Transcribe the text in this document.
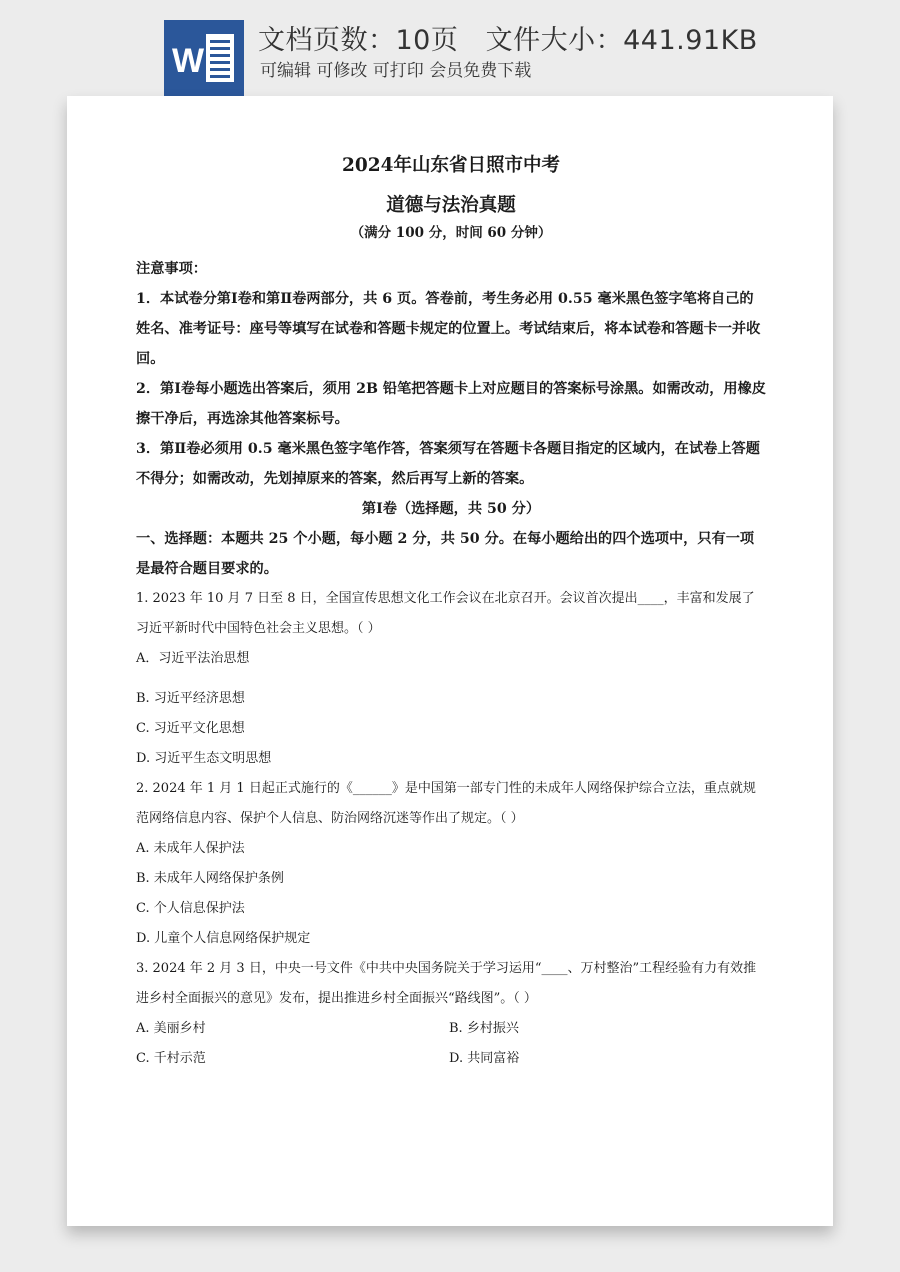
W
文档页数：10页   文件大小：441.91KB
可编辑 可修改 可打印 会员免费下载
2024年山东省日照市中考
道德与法治真题
（满分 100 分，时间 60 分钟）
注意事项：
1．本试卷分第Ⅰ卷和第Ⅱ卷两部分，共 6 页。答卷前，考生务必用 0.55 毫米黑色签字笔将自己的姓名、准考证号：座号等填写在试卷和答题卡规定的位置上。考试结束后，将本试卷和答题卡一并收回。
2．第Ⅰ卷每小题选出答案后，须用 2B 铅笔把答题卡上对应题目的答案标号涂黑。如需改动，用橡皮擦干净后，再选涂其他答案标号。
3．第Ⅱ卷必须用 0.5 毫米黑色签字笔作答，答案须写在答题卡各题目指定的区域内，在试卷上答题不得分；如需改动，先划掉原来的答案，然后再写上新的答案。
第Ⅰ卷（选择题，共 50 分）
一、选择题：本题共 25 个小题，每小题 2 分，共 50 分。在每小题给出的四个选项中，只有一项是最符合题目要求的。
1. 2023 年 10 月 7 日至 8 日，全国宣传思想文化工作会议在北京召开。会议首次提出____，丰富和发展了习近平新时代中国特色社会主义思想。（ ）
A．习近平法治思想
B. 习近平经济思想
C. 习近平文化思想
D. 习近平生态文明思想
2. 2024 年 1 月 1 日起正式施行的《______》是中国第一部专门性的未成年人网络保护综合立法，重点就规范网络信息内容、保护个人信息、防治网络沉迷等作出了规定。（ ）
A. 未成年人保护法
B. 未成年人网络保护条例
C. 个人信息保护法
D. 儿童个人信息网络保护规定
3. 2024 年 2 月 3 日，中央一号文件《中共中央国务院关于学习运用“____、万村整治”工程经验有力有效推进乡村全面振兴的意见》发布，提出推进乡村全面振兴“路线图”。（ ）
A. 美丽乡村	B. 乡村振兴
C. 千村示范	D. 共同富裕
